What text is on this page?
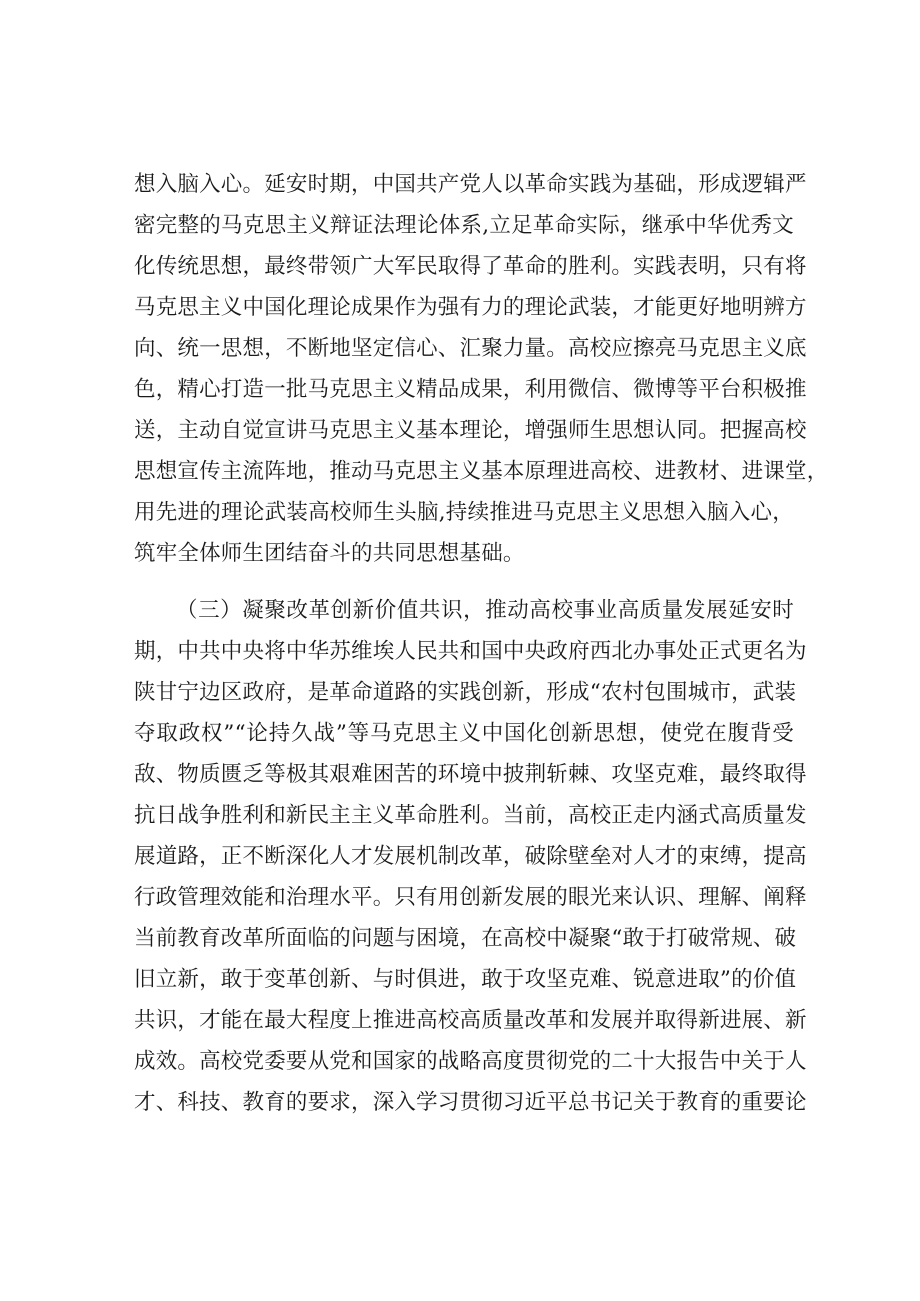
想入脑入心。延安时期，中国共产党人以革命实践为基础，形成逻辑严
密完整的马克思主义辩证法理论体系,立足革命实际，继承中华优秀文
化传统思想，最终带领广大军民取得了革命的胜利。实践表明，只有将
马克思主义中国化理论成果作为强有力的理论武装，才能更好地明辨方
向、统一思想，不断地坚定信心、汇聚力量。高校应擦亮马克思主义底
色，精心打造一批马克思主义精品成果，利用微信、微博等平台积极推
送，主动自觉宣讲马克思主义基本理论，增强师生思想认同。把握高校
思想宣传主流阵地，推动马克思主义基本原理进高校、进教材、进课堂，
用先进的理论武装高校师生头脑,持续推进马克思主义思想入脑入心，
筑牢全体师生团结奋斗的共同思想基础。
（三）凝聚改革创新价值共识，推动高校事业高质量发展延安时
期，中共中央将中华苏维埃人民共和国中央政府西北办事处正式更名为
陕甘宁边区政府，是革命道路的实践创新，形成“农村包围城市，武装
夺取政权”“论持久战”等马克思主义中国化创新思想，使党在腹背受
敌、物质匮乏等极其艰难困苦的环境中披荆斩棘、攻坚克难，最终取得
抗日战争胜利和新民主主义革命胜利。当前，高校正走内涵式高质量发
展道路，正不断深化人才发展机制改革，破除壁垒对人才的束缚，提高
行政管理效能和治理水平。只有用创新发展的眼光来认识、理解、阐释
当前教育改革所面临的问题与困境，在高校中凝聚“敢于打破常规、破
旧立新，敢于变革创新、与时俱进，敢于攻坚克难、锐意进取”的价值
共识，才能在最大程度上推进高校高质量改革和发展并取得新进展、新
成效。高校党委要从党和国家的战略高度贯彻党的二十大报告中关于人
才、科技、教育的要求，深入学习贯彻习近平总书记关于教育的重要论
